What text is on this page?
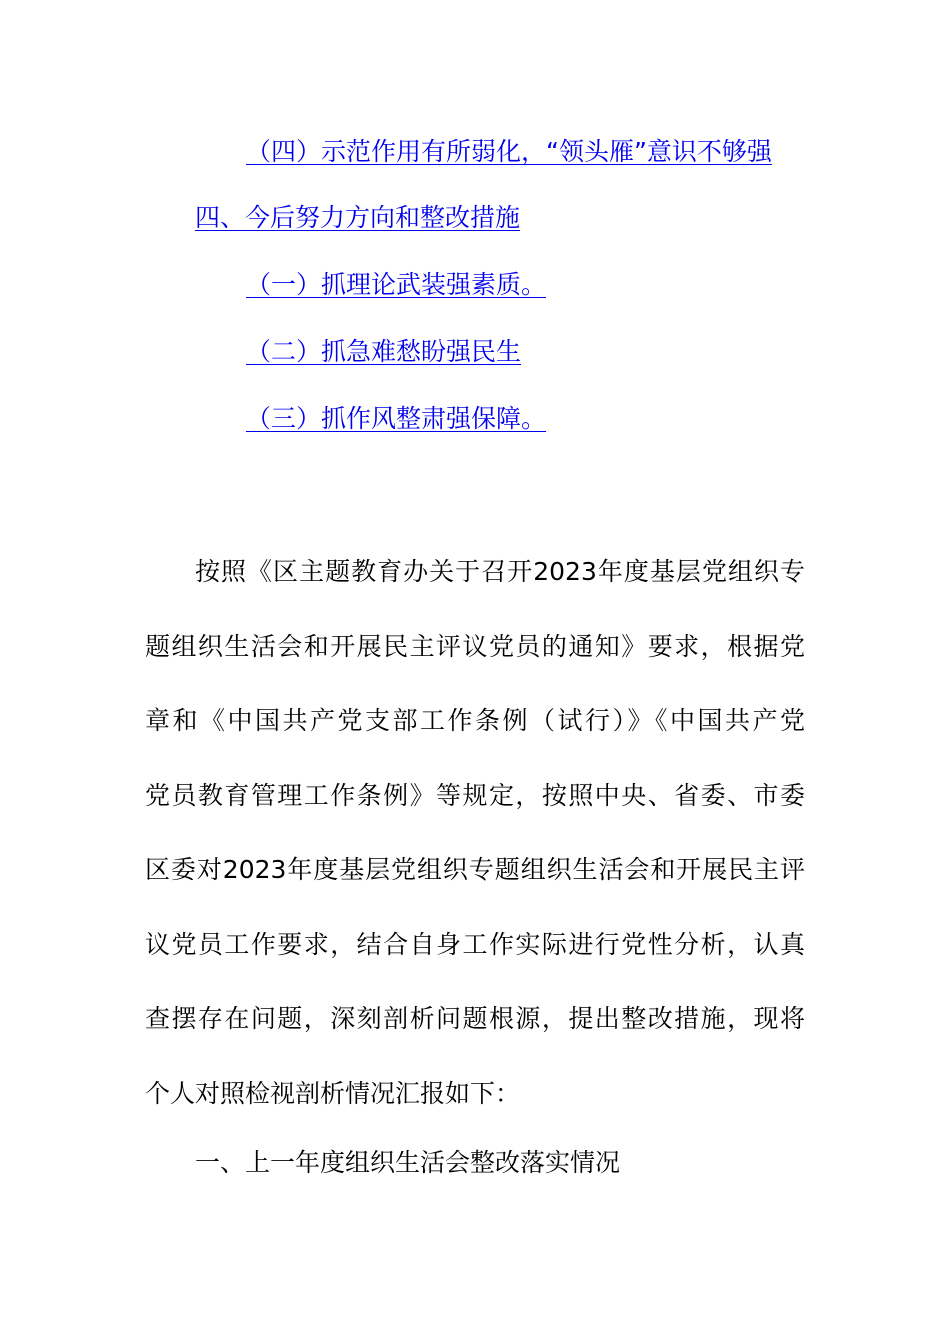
（四）示范作用有所弱化，“领头雁”意识不够强
四、今后努力方向和整改措施
（一）抓理论武装强素质。
（二）抓急难愁盼强民生
（三）抓作风整肃强保障。

按照《区主题教育办关于召开2023年度基层党组织专
题组织生活会和开展民主评议党员的通知》要求，根据党
章和《中国共产党支部工作条例（试行）》《中国共产党
党员教育管理工作条例》等规定，按照中央、省委、市委
区委对2023年度基层党组织专题组织生活会和开展民主评
议党员工作要求，结合自身工作实际进行党性分析，认真
查摆存在问题，深刻剖析问题根源，提出整改措施，现将
个人对照检视剖析情况汇报如下：

一、上一年度组织生活会整改落实情况
